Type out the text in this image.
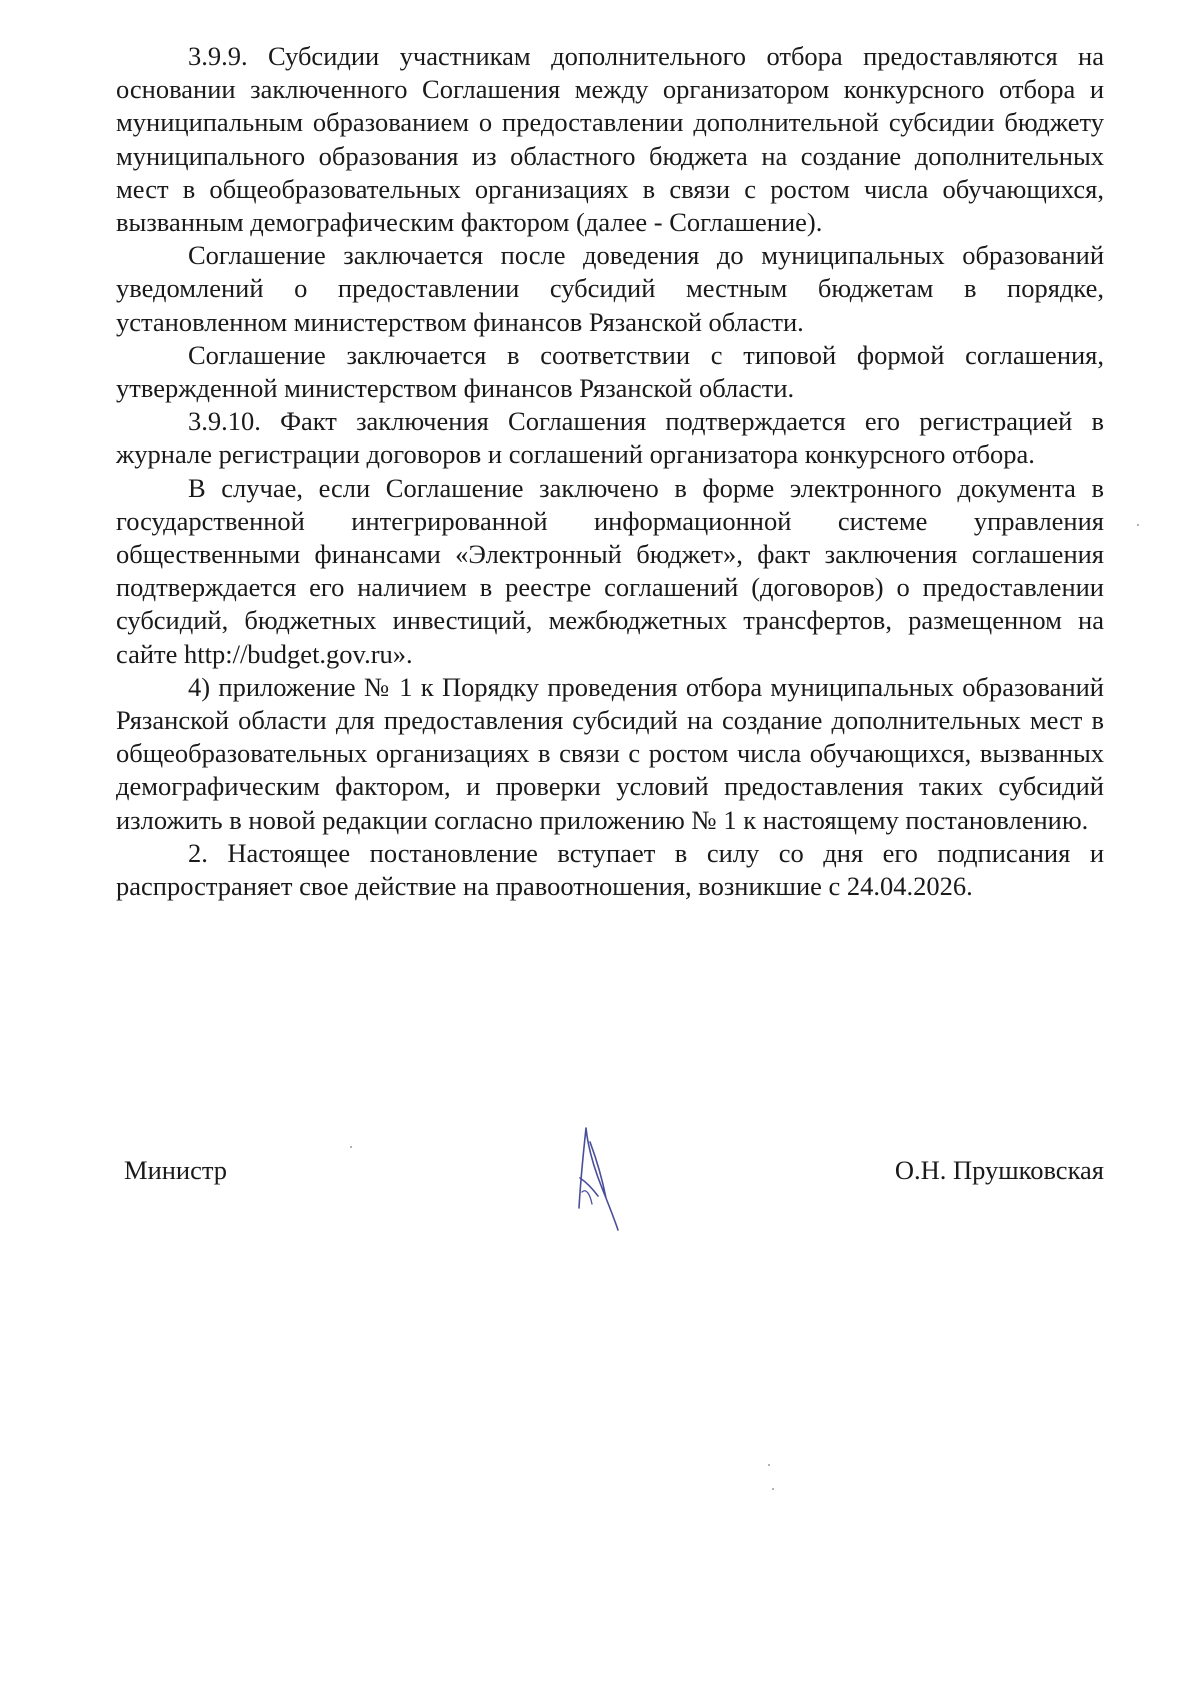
3.9.9. Субсидии участникам дополнительного отбора предоставляются на основании заключенного Соглашения между организатором конкурсного отбора и муниципальным образованием о предоставлении дополнительной субсидии бюджету муниципального образования из областного бюджета на создание дополнительных мест в общеобразовательных организациях в связи с ростом числа обучающихся, вызванным демографическим фактором (далее - Соглашение).

Соглашение заключается после доведения до муниципальных образований уведомлений о предоставлении субсидий местным бюджетам в порядке, установленном министерством финансов Рязанской области.

Соглашение заключается в соответствии с типовой формой соглашения, утвержденной министерством финансов Рязанской области.

3.9.10. Факт заключения Соглашения подтверждается его регистрацией в журнале регистрации договоров и соглашений организатора конкурсного отбора.

В случае, если Соглашение заключено в форме электронного документа в государственной интегрированной информационной системе управления общественными финансами «Электронный бюджет», факт заключения соглашения подтверждается его наличием в реестре соглашений (договоров) о предоставлении субсидий, бюджетных инвестиций, межбюджетных трансфертов, размещенном на сайте http://budget.gov.ru».

4) приложение № 1 к Порядку проведения отбора муниципальных образований Рязанской области для предоставления субсидий на создание дополнительных мест в общеобразовательных организациях в связи с ростом числа обучающихся, вызванных демографическим фактором, и проверки условий предоставления таких субсидий изложить в новой редакции согласно приложению № 1 к настоящему постановлению.

2. Настоящее постановление вступает в силу со дня его подписания и распространяет свое действие на правоотношения, возникшие с 24.04.2026.

Министр	О.Н. Прушковская
